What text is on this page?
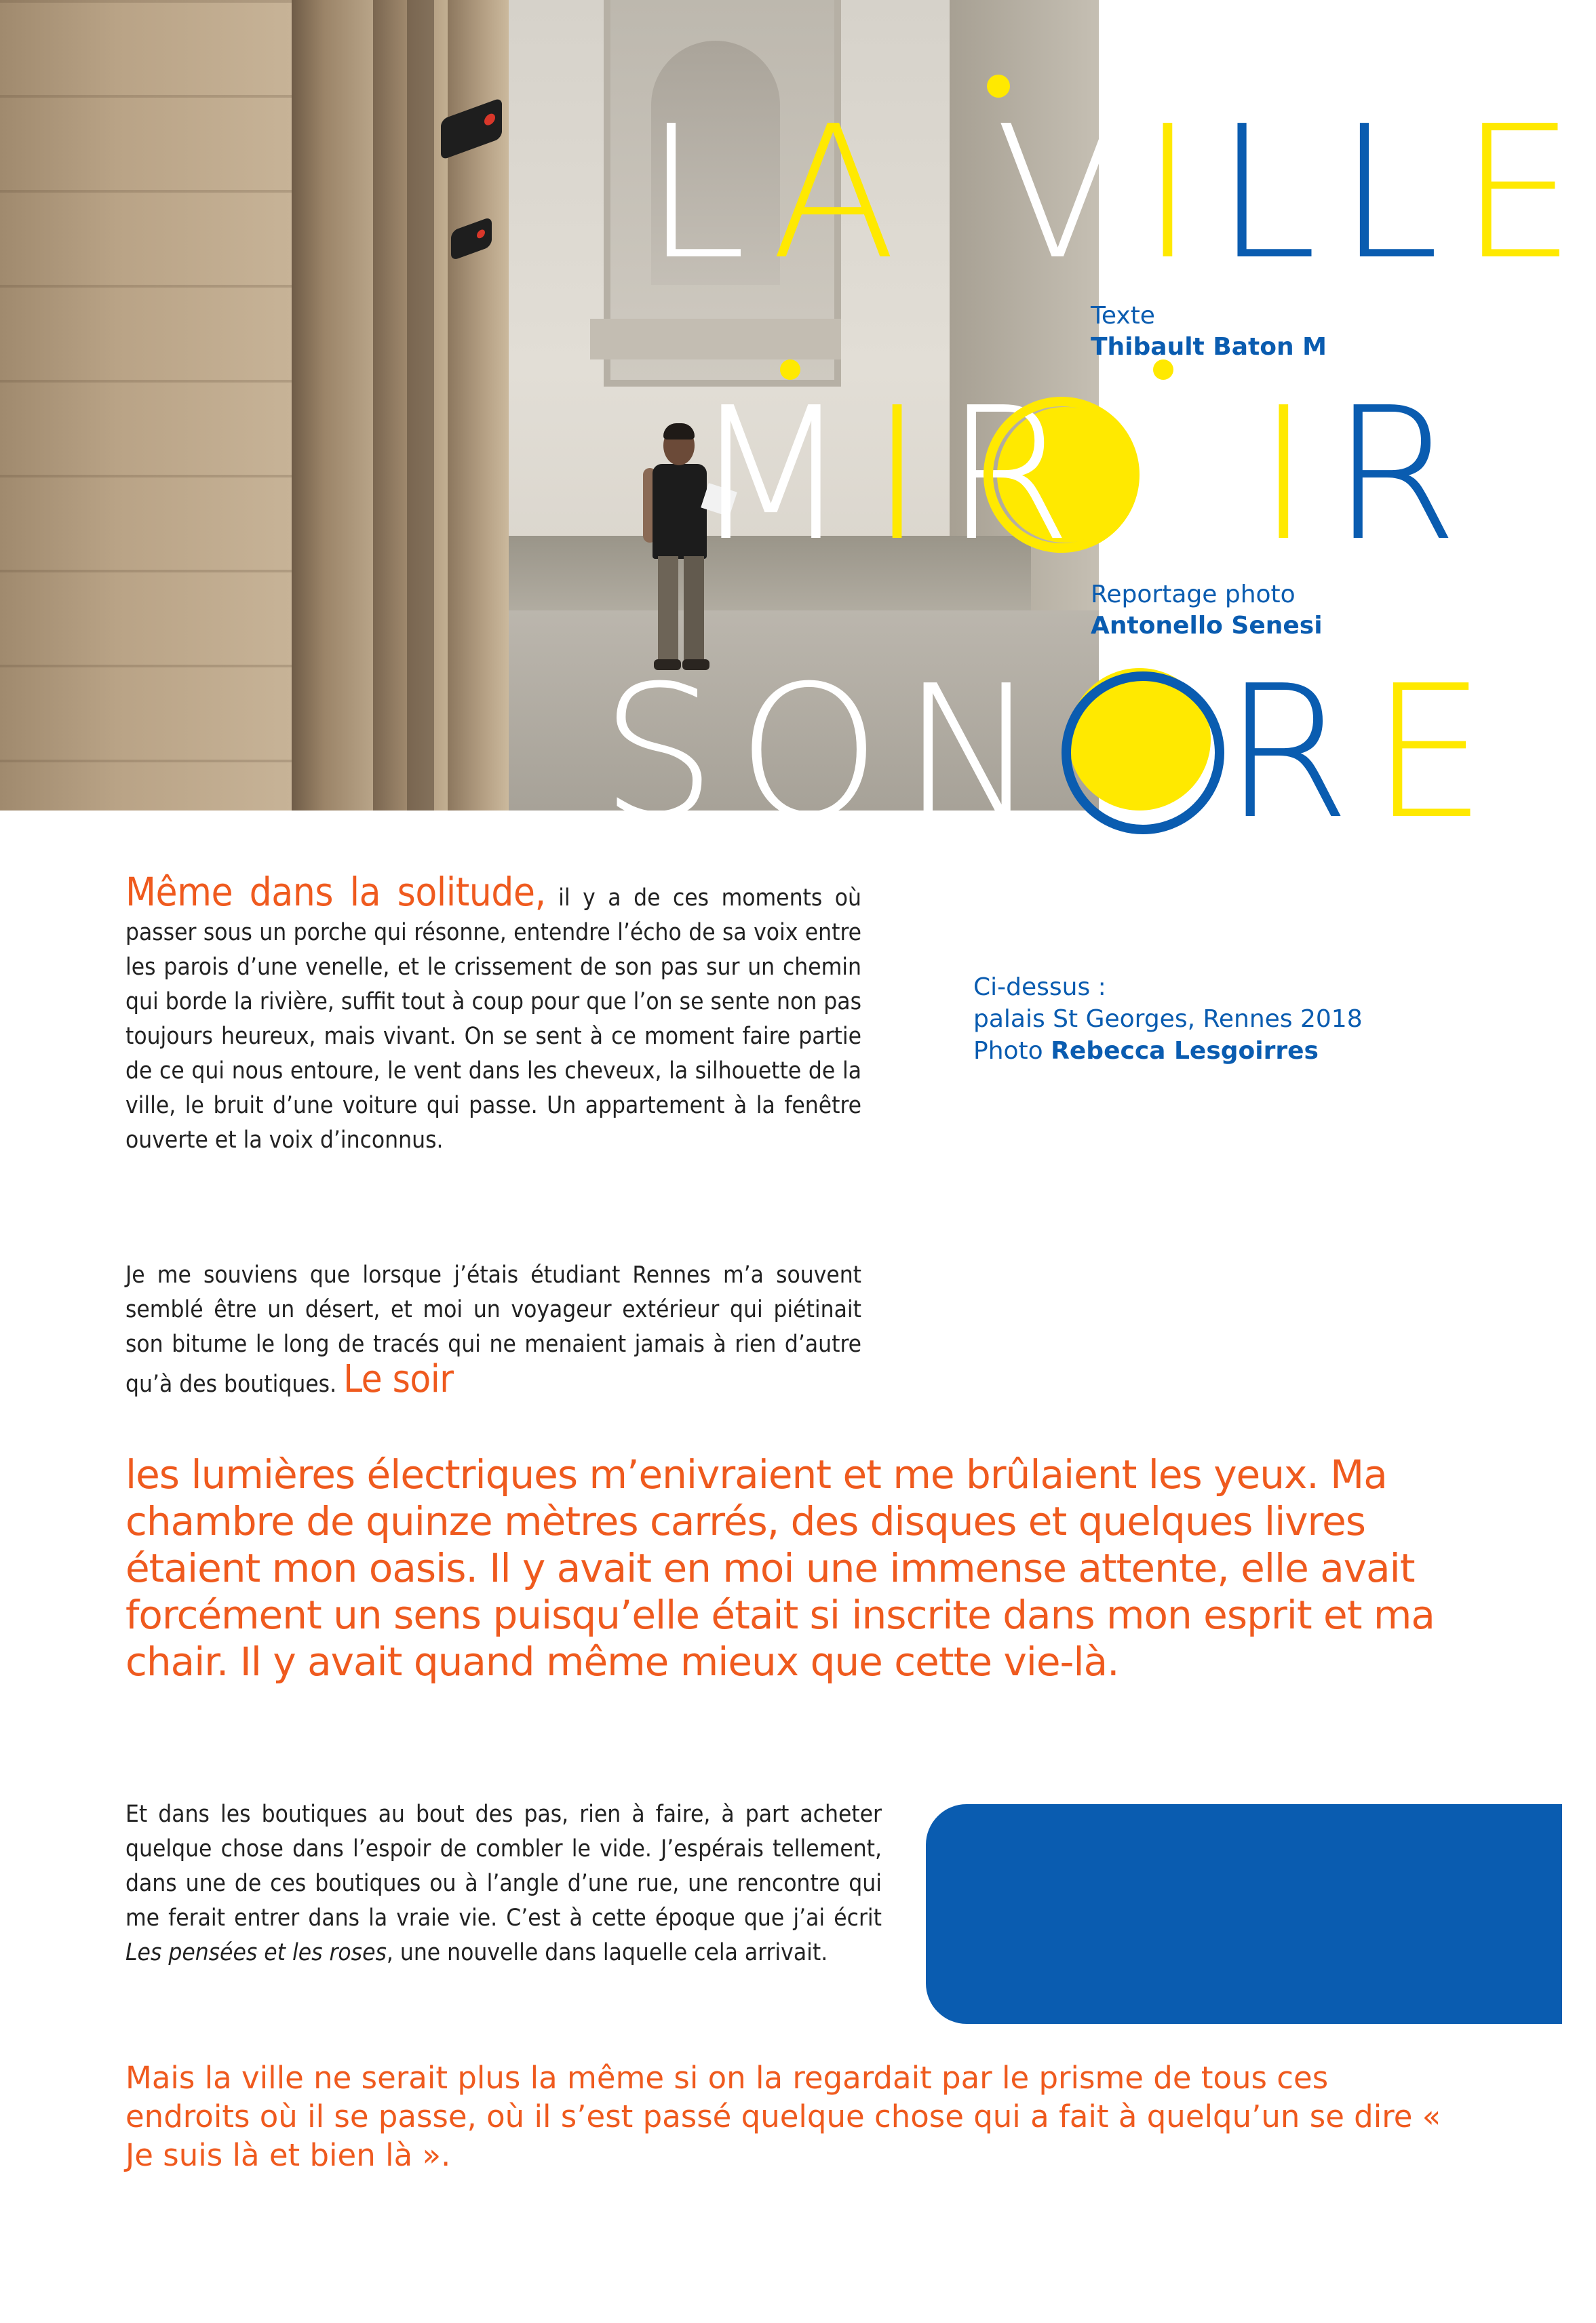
LA VILLE
MIR IR
SON RE
Texte
Thibault Baton M
Reportage photo
Antonello Senesi
Même dans la solitude, il y a de ces moments où passer sous un porche qui résonne, entendre l’écho de sa voix entre les parois d’une venelle, et le crissement de son pas sur un chemin qui borde la rivière, suffit tout à coup pour que l’on se sente non pas toujours heureux, mais vivant. On se sent à ce moment faire partie de ce qui nous entoure, le vent dans les cheveux, la silhouette de la ville, le bruit d’une voiture qui passe. Un appartement à la fenêtre ouverte et la voix d’inconnus.
Ci-dessus :
palais St Georges, Rennes 2018
Photo Rebecca Lesgoirres
Je me souviens que lorsque j’étais étudiant Rennes m’a souvent semblé être un désert, et moi un voyageur extérieur qui piétinait son bitume le long de tracés qui ne menaient jamais à rien d’autre qu’à des boutiques. Le soir
les lumières électriques m’enivraient et me brûlaient les yeux. Ma chambre de quinze mètres carrés, des disques et quelques livres étaient mon oasis. Il y avait en moi une immense attente, elle avait forcément un sens puisqu’elle était si inscrite dans mon esprit et ma chair. Il y avait quand même mieux que cette vie-là.
Et dans les boutiques au bout des pas, rien à faire, à part acheter quelque chose dans l’espoir de combler le vide. J’espérais tellement, dans une de ces boutiques ou à l’angle d’une rue, une rencontre qui me ferait entrer dans la vraie vie. C’est à cette époque que j’ai écrit Les pensées et les roses, une nouvelle dans laquelle cela arrivait.
Mais la ville ne serait plus la même si on la regardait par le prisme de tous ces endroits où il se passe, où il s’est passé quelque chose qui a fait à quelqu’un se dire « Je suis là et bien là ».
